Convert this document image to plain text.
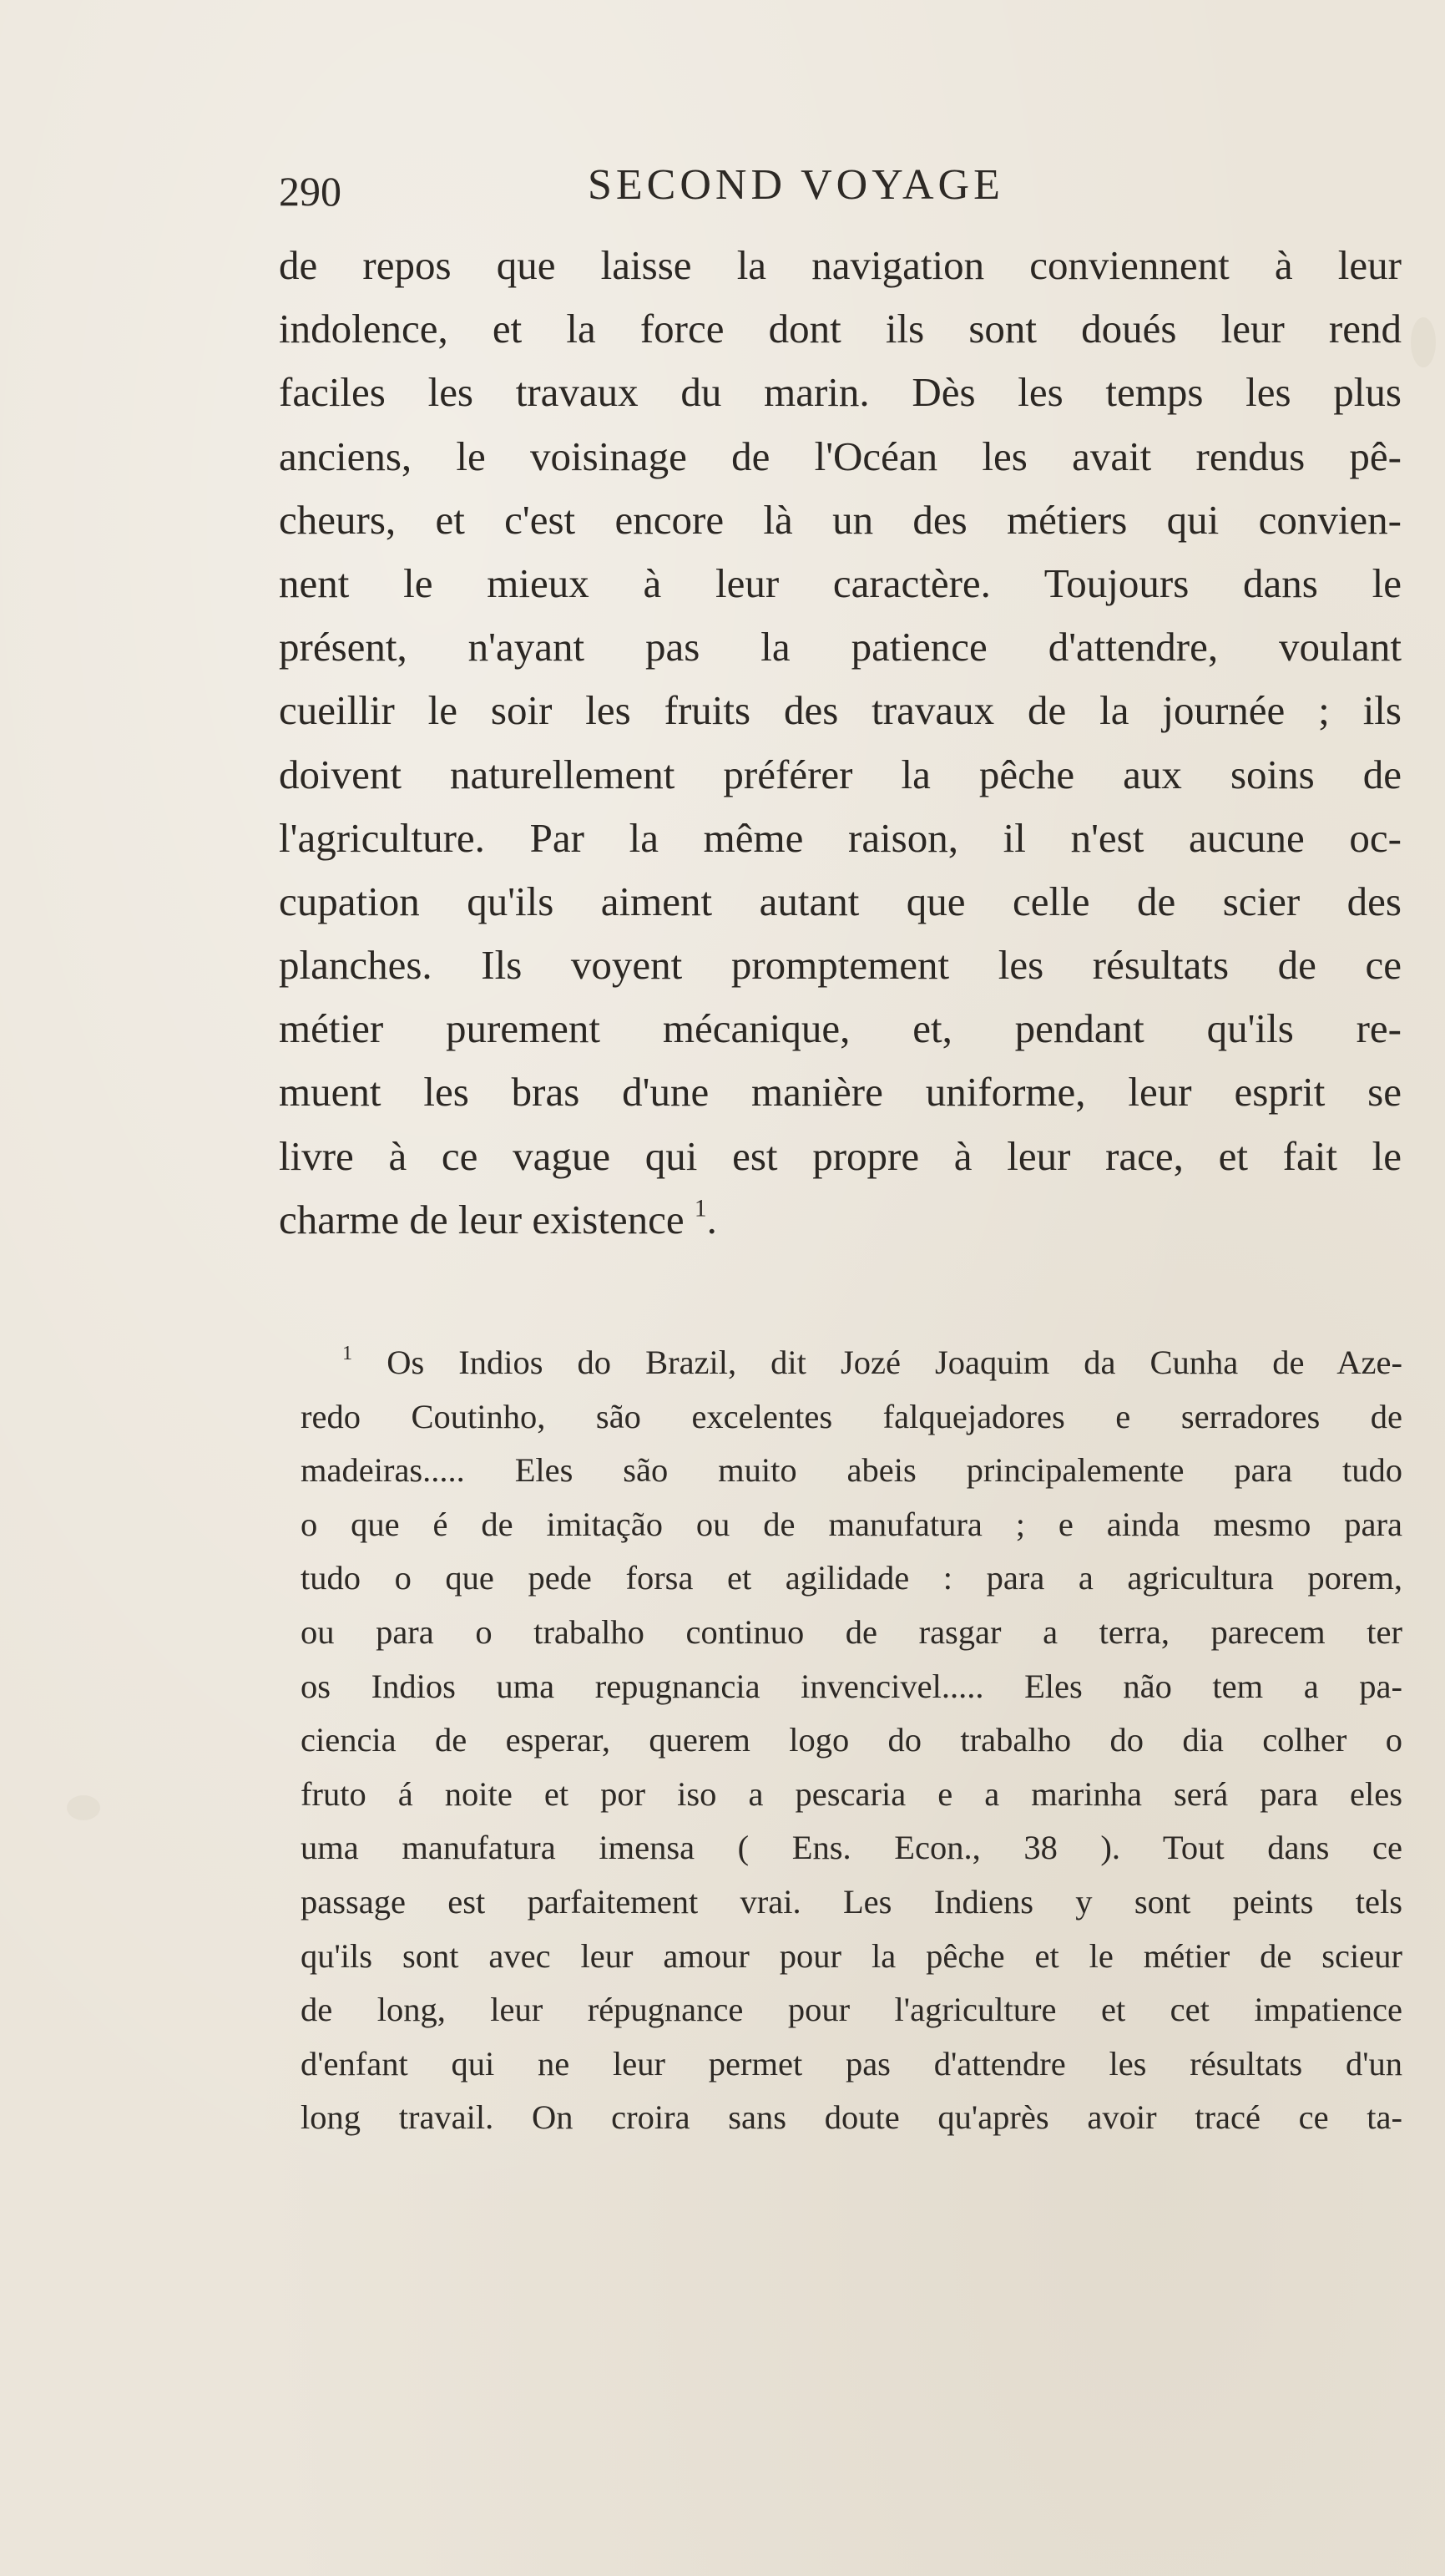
290	SECOND VOYAGE
de repos que laisse la navigation conviennent à leur
indolence, et la force dont ils sont doués leur rend
faciles les travaux du marin. Dès les temps les plus
anciens, le voisinage de l'Océan les avait rendus pê-
cheurs, et c'est encore là un des métiers qui convien-
nent le mieux à leur caractère. Toujours dans le
présent, n'ayant pas la patience d'attendre, voulant
cueillir le soir les fruits des travaux de la journée ; ils
doivent naturellement préférer la pêche aux soins de
l'agriculture. Par la même raison, il n'est aucune oc-
cupation qu'ils aiment autant que celle de scier des
planches. Ils voyent promptement les résultats de ce
métier purement mécanique, et, pendant qu'ils re-
muent les bras d'une manière uniforme, leur esprit se
livre à ce vague qui est propre à leur race, et fait le
charme de leur existence $^1$.
$^1$ Os Indios do Brazil, dit Jozé Joaquim da Cunha de Aze-
redo Coutinho, são excelentes falquejadores e serradores de
madeiras..... Eles são muito abeis principalemente para tudo
o que é de imitação ou de manufatura ; e ainda mesmo para
tudo o que pede forsa et agilidade : para a agricultura porem,
ou para o trabalho continuo de rasgar a terra, parecem ter
os Indios uma repugnancia invencivel..... Eles não tem a pa-
ciencia de esperar, querem logo do trabalho do dia colher o
fruto á noite et por iso a pescaria e a marinha será para eles
uma manufatura imensa ( Ens. Econ., 38 ). Tout dans ce
passage est parfaitement vrai. Les Indiens y sont peints tels
qu'ils sont avec leur amour pour la pêche et le métier de scieur
de long, leur répugnance pour l'agriculture et cet impatience
d'enfant qui ne leur permet pas d'attendre les résultats d'un
long travail. On croira sans doute qu'après avoir tracé ce ta-
